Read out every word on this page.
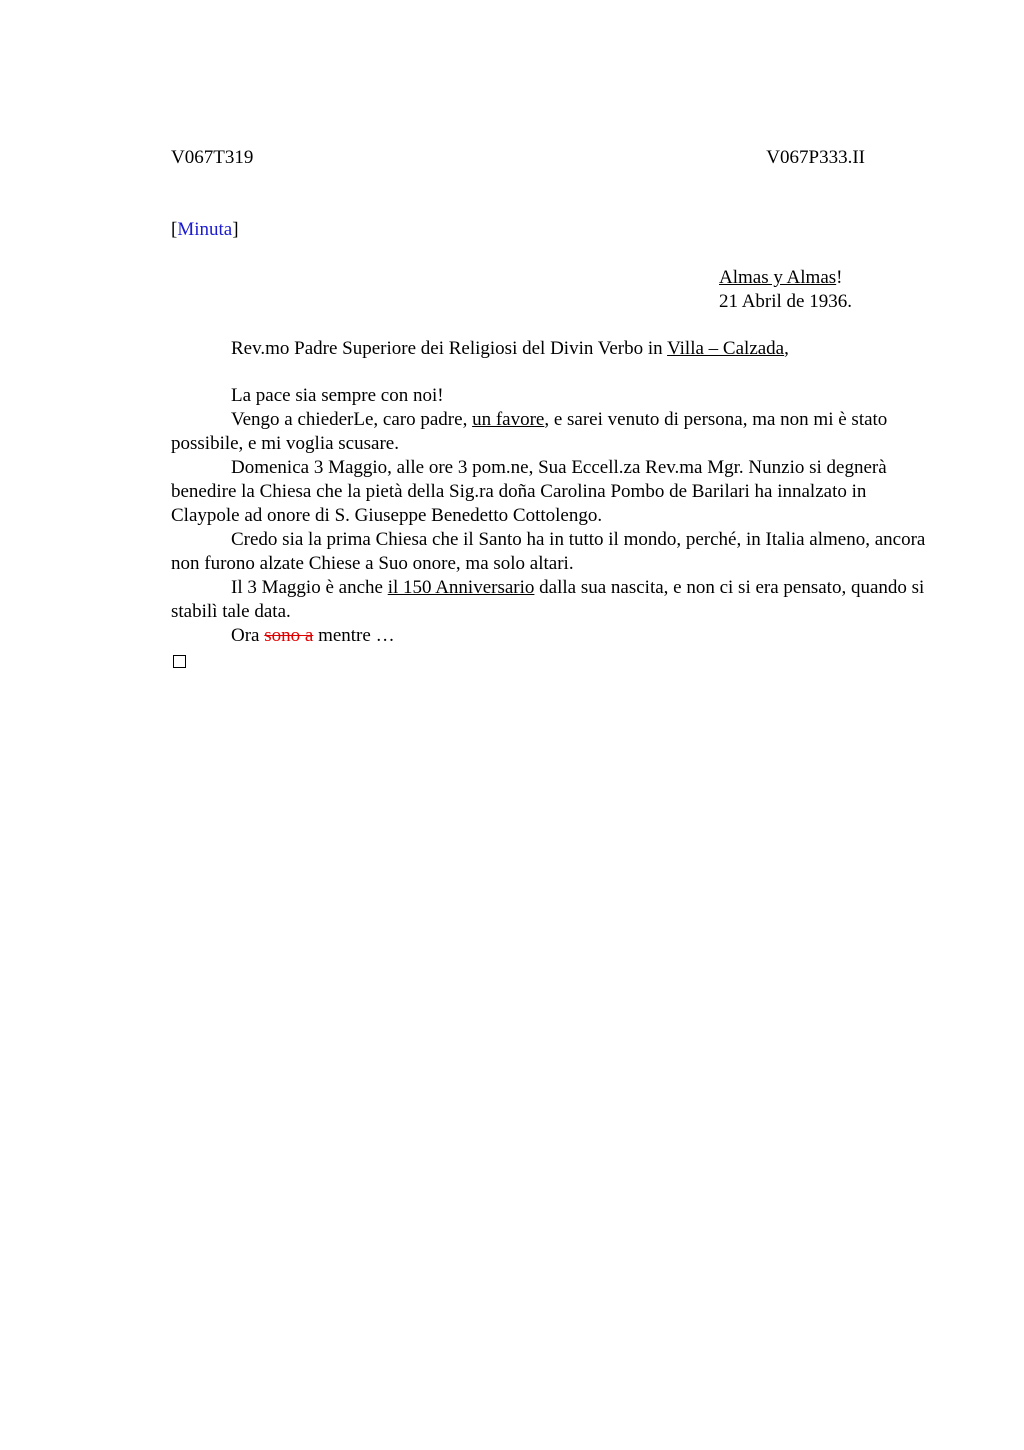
V067T319	V067P333.II
[Minuta]
Almas y Almas!
21 Abril de 1936.
Rev.mo Padre Superiore dei Religiosi del Divin Verbo in Villa – Calzada,

La pace sia sempre con noi!

Vengo a chiederLe, caro padre, un favore, e sarei venuto di persona, ma non mi è stato possibile, e mi voglia scusare.

Domenica 3 Maggio, alle ore 3 pom.ne, Sua Eccell.za Rev.ma Mgr. Nunzio si degnerà benedire la Chiesa che la pietà della Sig.ra doña Carolina Pombo de Barilari ha innalzato in Claypole ad onore di S. Giuseppe Benedetto Cottolengo.

Credo sia la prima Chiesa che il Santo ha in tutto il mondo, perché, in Italia almeno, ancora non furono alzate Chiese a Suo onore, ma solo altari.

Il 3 Maggio è anche il 150 Anniversario dalla sua nascita, e non ci si era pensato, quando si stabilì tale data.

Ora sono a mentre …
